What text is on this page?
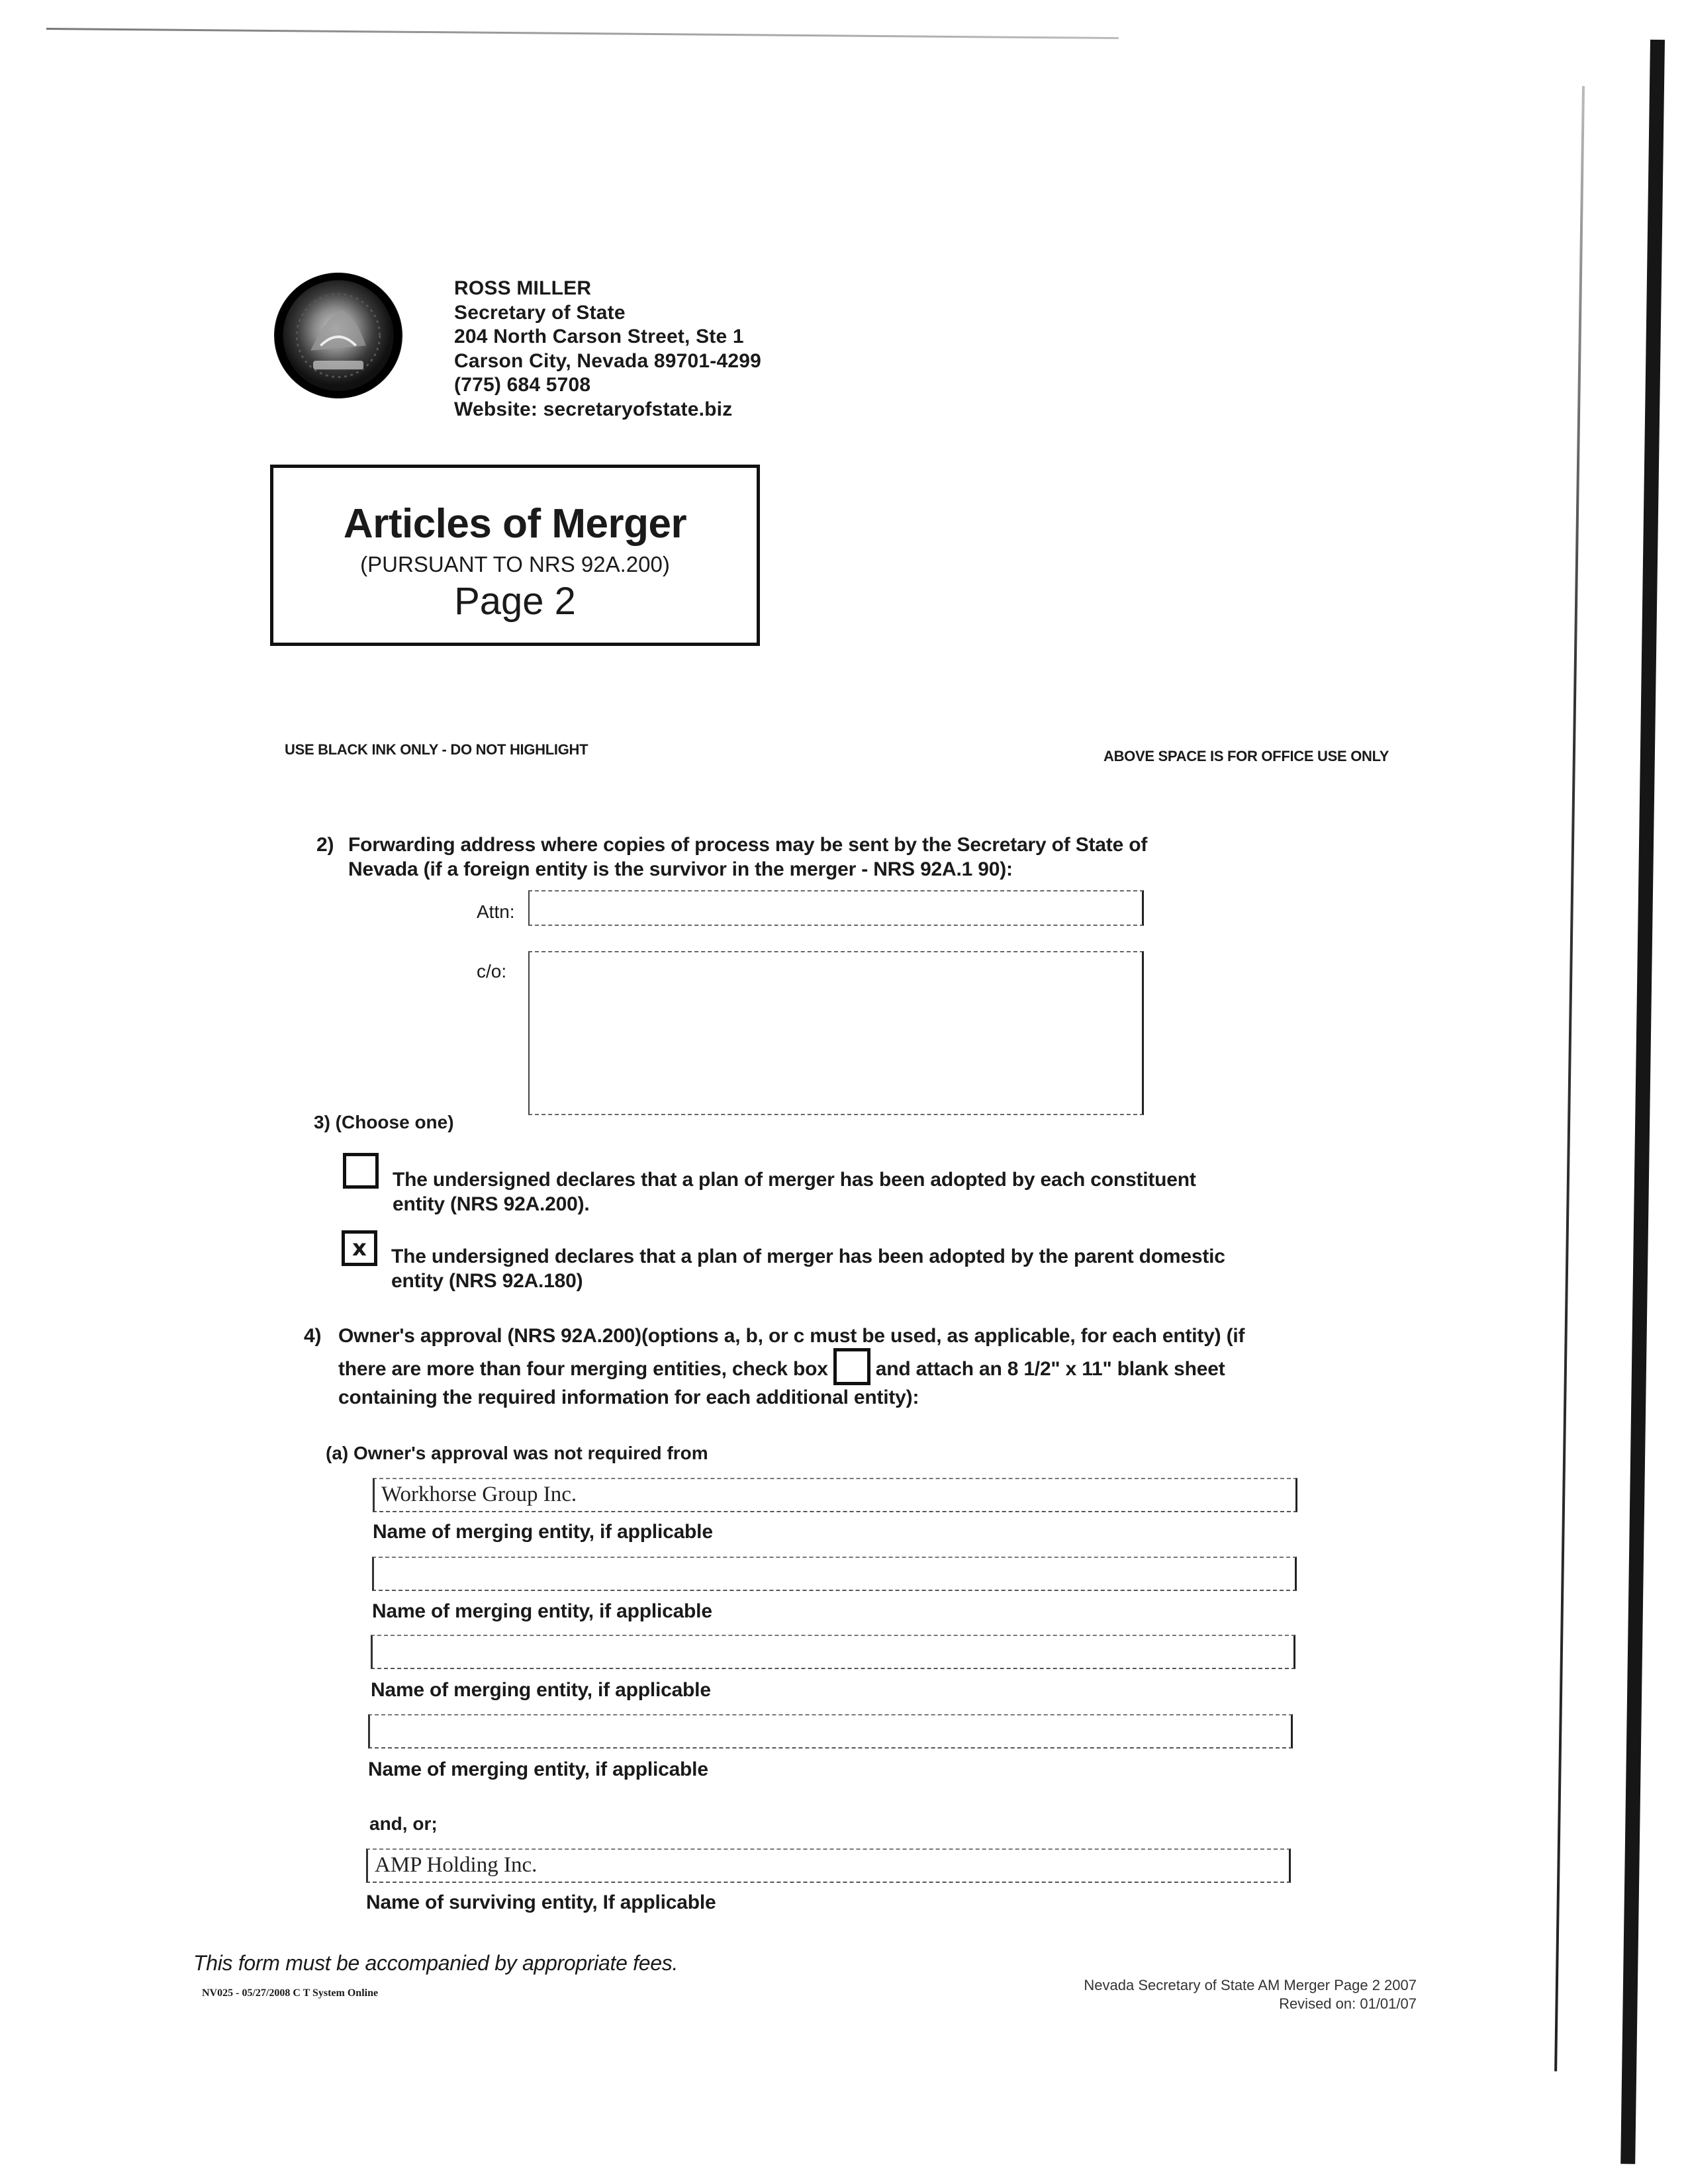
ROSS MILLER
Secretary of State
204 North Carson Street, Ste 1
Carson City, Nevada 89701-4299
(775) 684 5708
Website: secretaryofstate.biz
Articles of Merger
(PURSUANT TO NRS 92A.200)
Page 2
USE BLACK INK ONLY - DO NOT HIGHLIGHT	ABOVE SPACE IS FOR OFFICE USE ONLY
2) Forwarding address where copies of process may be sent by the Secretary of State of
Nevada (if a foreign entity is the survivor in the merger - NRS 92A.1 90):
Attn:
c/o:
3) (Choose one)
The undersigned declares that a plan of merger has been adopted by each constituent
entity (NRS 92A.200).
x	The undersigned declares that a plan of merger has been adopted by the parent domestic
entity (NRS 92A.180)
4) Owner's approval (NRS 92A.200)(options a, b, or c must be used, as applicable, for each entity) (if
there are more than four merging entities, check box and attach an 8 1/2" x 11" blank sheet
containing the required information for each additional entity):
(a) Owner's approval was not required from
Workhorse Group Inc.
Name of merging entity, if applicable
Name of merging entity, if applicable
Name of merging entity, if applicable
Name of merging entity, if applicable
and, or;
AMP Holding Inc.
Name of surviving entity, If applicable
This form must be accompanied by appropriate fees.
NV025 - 05/27/2008 C T System Online	Nevada Secretary of State AM Merger Page 2 2007
Revised on: 01/01/07
